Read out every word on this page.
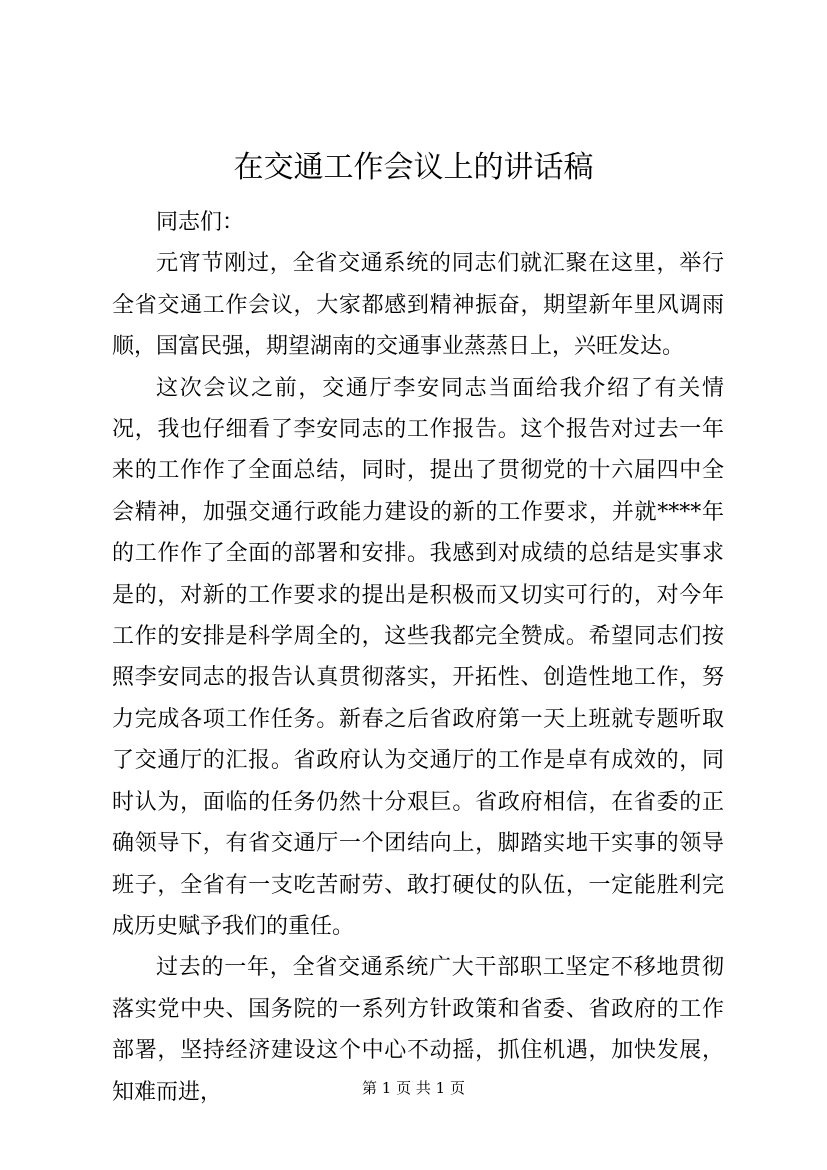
在交通工作会议上的讲话稿

同志们：

元宵节刚过，全省交通系统的同志们就汇聚在这里，举行全省交通工作会议，大家都感到精神振奋，期望新年里风调雨顺，国富民强，期望湖南的交通事业蒸蒸日上，兴旺发达。

这次会议之前，交通厅李安同志当面给我介绍了有关情况，我也仔细看了李安同志的工作报告。这个报告对过去一年来的工作作了全面总结，同时，提出了贯彻党的十六届四中全会精神，加强交通行政能力建设的新的工作要求，并就****年的工作作了全面的部署和安排。我感到对成绩的总结是实事求是的，对新的工作要求的提出是积极而又切实可行的，对今年工作的安排是科学周全的，这些我都完全赞成。希望同志们按照李安同志的报告认真贯彻落实，开拓性、创造性地工作，努力完成各项工作任务。新春之后省政府第一天上班就专题听取了交通厅的汇报。省政府认为交通厅的工作是卓有成效的，同时认为，面临的任务仍然十分艰巨。省政府相信，在省委的正确领导下，有省交通厅一个团结向上，脚踏实地干实事的领导班子，全省有一支吃苦耐劳、敢打硬仗的队伍，一定能胜利完成历史赋予我们的重任。

过去的一年，全省交通系统广大干部职工坚定不移地贯彻落实党中央、国务院的一系列方针政策和省委、省政府的工作部署，坚持经济建设这个中心不动摇，抓住机遇，加快发展，知难而进，	第 1 页 共 1 页
